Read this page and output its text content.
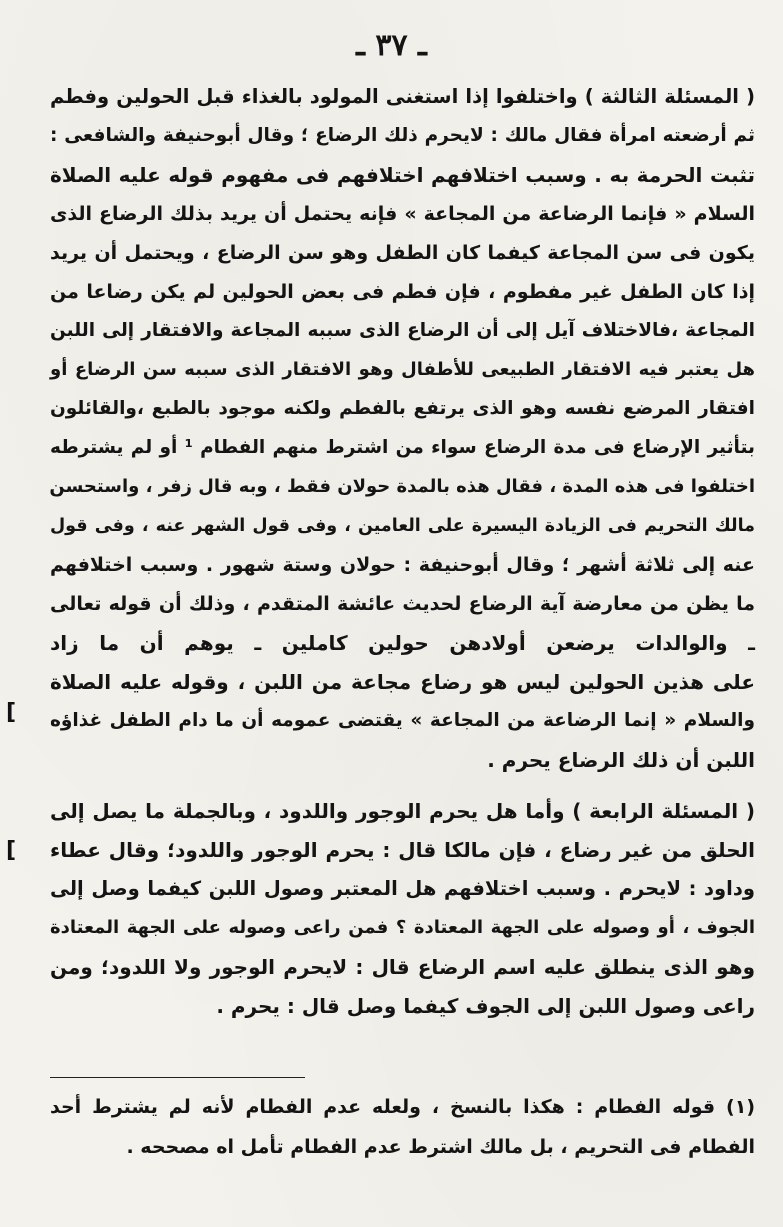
ـ ٣٧ ـ
[
[
( المسئلة الثالثة ) واختلفوا إذا استغنى المولود بالغذاء قبل الحولين وفطم
ثم أرضعته امرأة فقال مالك : لايحرم ذلك الرضاع ؛ وقال أبوحنيفة والشافعى :
تثبت الحرمة به . وسبب اختلافهم اختلافهم فى مفهوم قوله عليه الصلاة
السلام « فإنما الرضاعة من المجاعة » فإنه يحتمل أن يريد بذلك الرضاع الذى
يكون فى سن المجاعة كيفما كان الطفل وهو سن الرضاع ، ويحتمل أن يريد
إذا كان الطفل غير مفطوم ، فإن فطم فى بعض الحولين لم يكن رضاعا من
المجاعة ،فالاختلاف آيل إلى أن الرضاع الذى سببه المجاعة والافتقار إلى اللبن
هل يعتبر فيه الافتقار الطبيعى للأطفال وهو الافتقار الذى سببه سن الرضاع أو
افتقار المرضع نفسه وهو الذى يرتفع بالفطم ولكنه موجود بالطبع ،والقائلون
بتأثير الإرضاع فى مدة الرضاع سواء من اشترط منهم الفطام ¹ أو لم يشترطه
اختلفوا فى هذه المدة ، فقال هذه بالمدة حولان فقط ، وبه قال زفر ، واستحسن
مالك التحريم فى الزيادة اليسيرة على العامين ، وفى قول الشهر عنه ، وفى قول
عنه إلى ثلاثة أشهر ؛ وقال أبوحنيفة : حولان وستة شهور . وسبب اختلافهم
ما يظن من معارضة آية الرضاع لحديث عائشة المتقدم ، وذلك أن قوله تعالى
ـ والوالدات يرضعن أولادهن حولين كاملين ـ يوهم أن ما زاد
على هذين الحولين ليس هو رضاع مجاعة من اللبن ، وقوله عليه الصلاة
والسلام « إنما الرضاعة من المجاعة » يقتضى عمومه أن ما دام الطفل غذاؤه
اللبن أن ذلك الرضاع يحرم .
( المسئلة الرابعة ) وأما هل يحرم الوجور واللدود ، وبالجملة ما يصل إلى
الحلق من غير رضاع ، فإن مالكا قال : يحرم الوجور واللدود؛ وقال عطاء
وداود : لايحرم . وسبب اختلافهم هل المعتبر وصول اللبن كيفما وصل إلى
الجوف ، أو وصوله على الجهة المعتادة ؟ فمن راعى وصوله على الجهة المعتادة
وهو الذى ينطلق عليه اسم الرضاع قال : لايحرم الوجور ولا اللدود؛ ومن
راعى وصول اللبن إلى الجوف كيفما وصل قال : يحرم .
(١) قوله الفطام : هكذا بالنسخ ، ولعله عدم الفطام لأنه لم يشترط أحد
الفطام فى التحريم ، بل مالك اشترط عدم الفطام تأمل اه مصححه .
